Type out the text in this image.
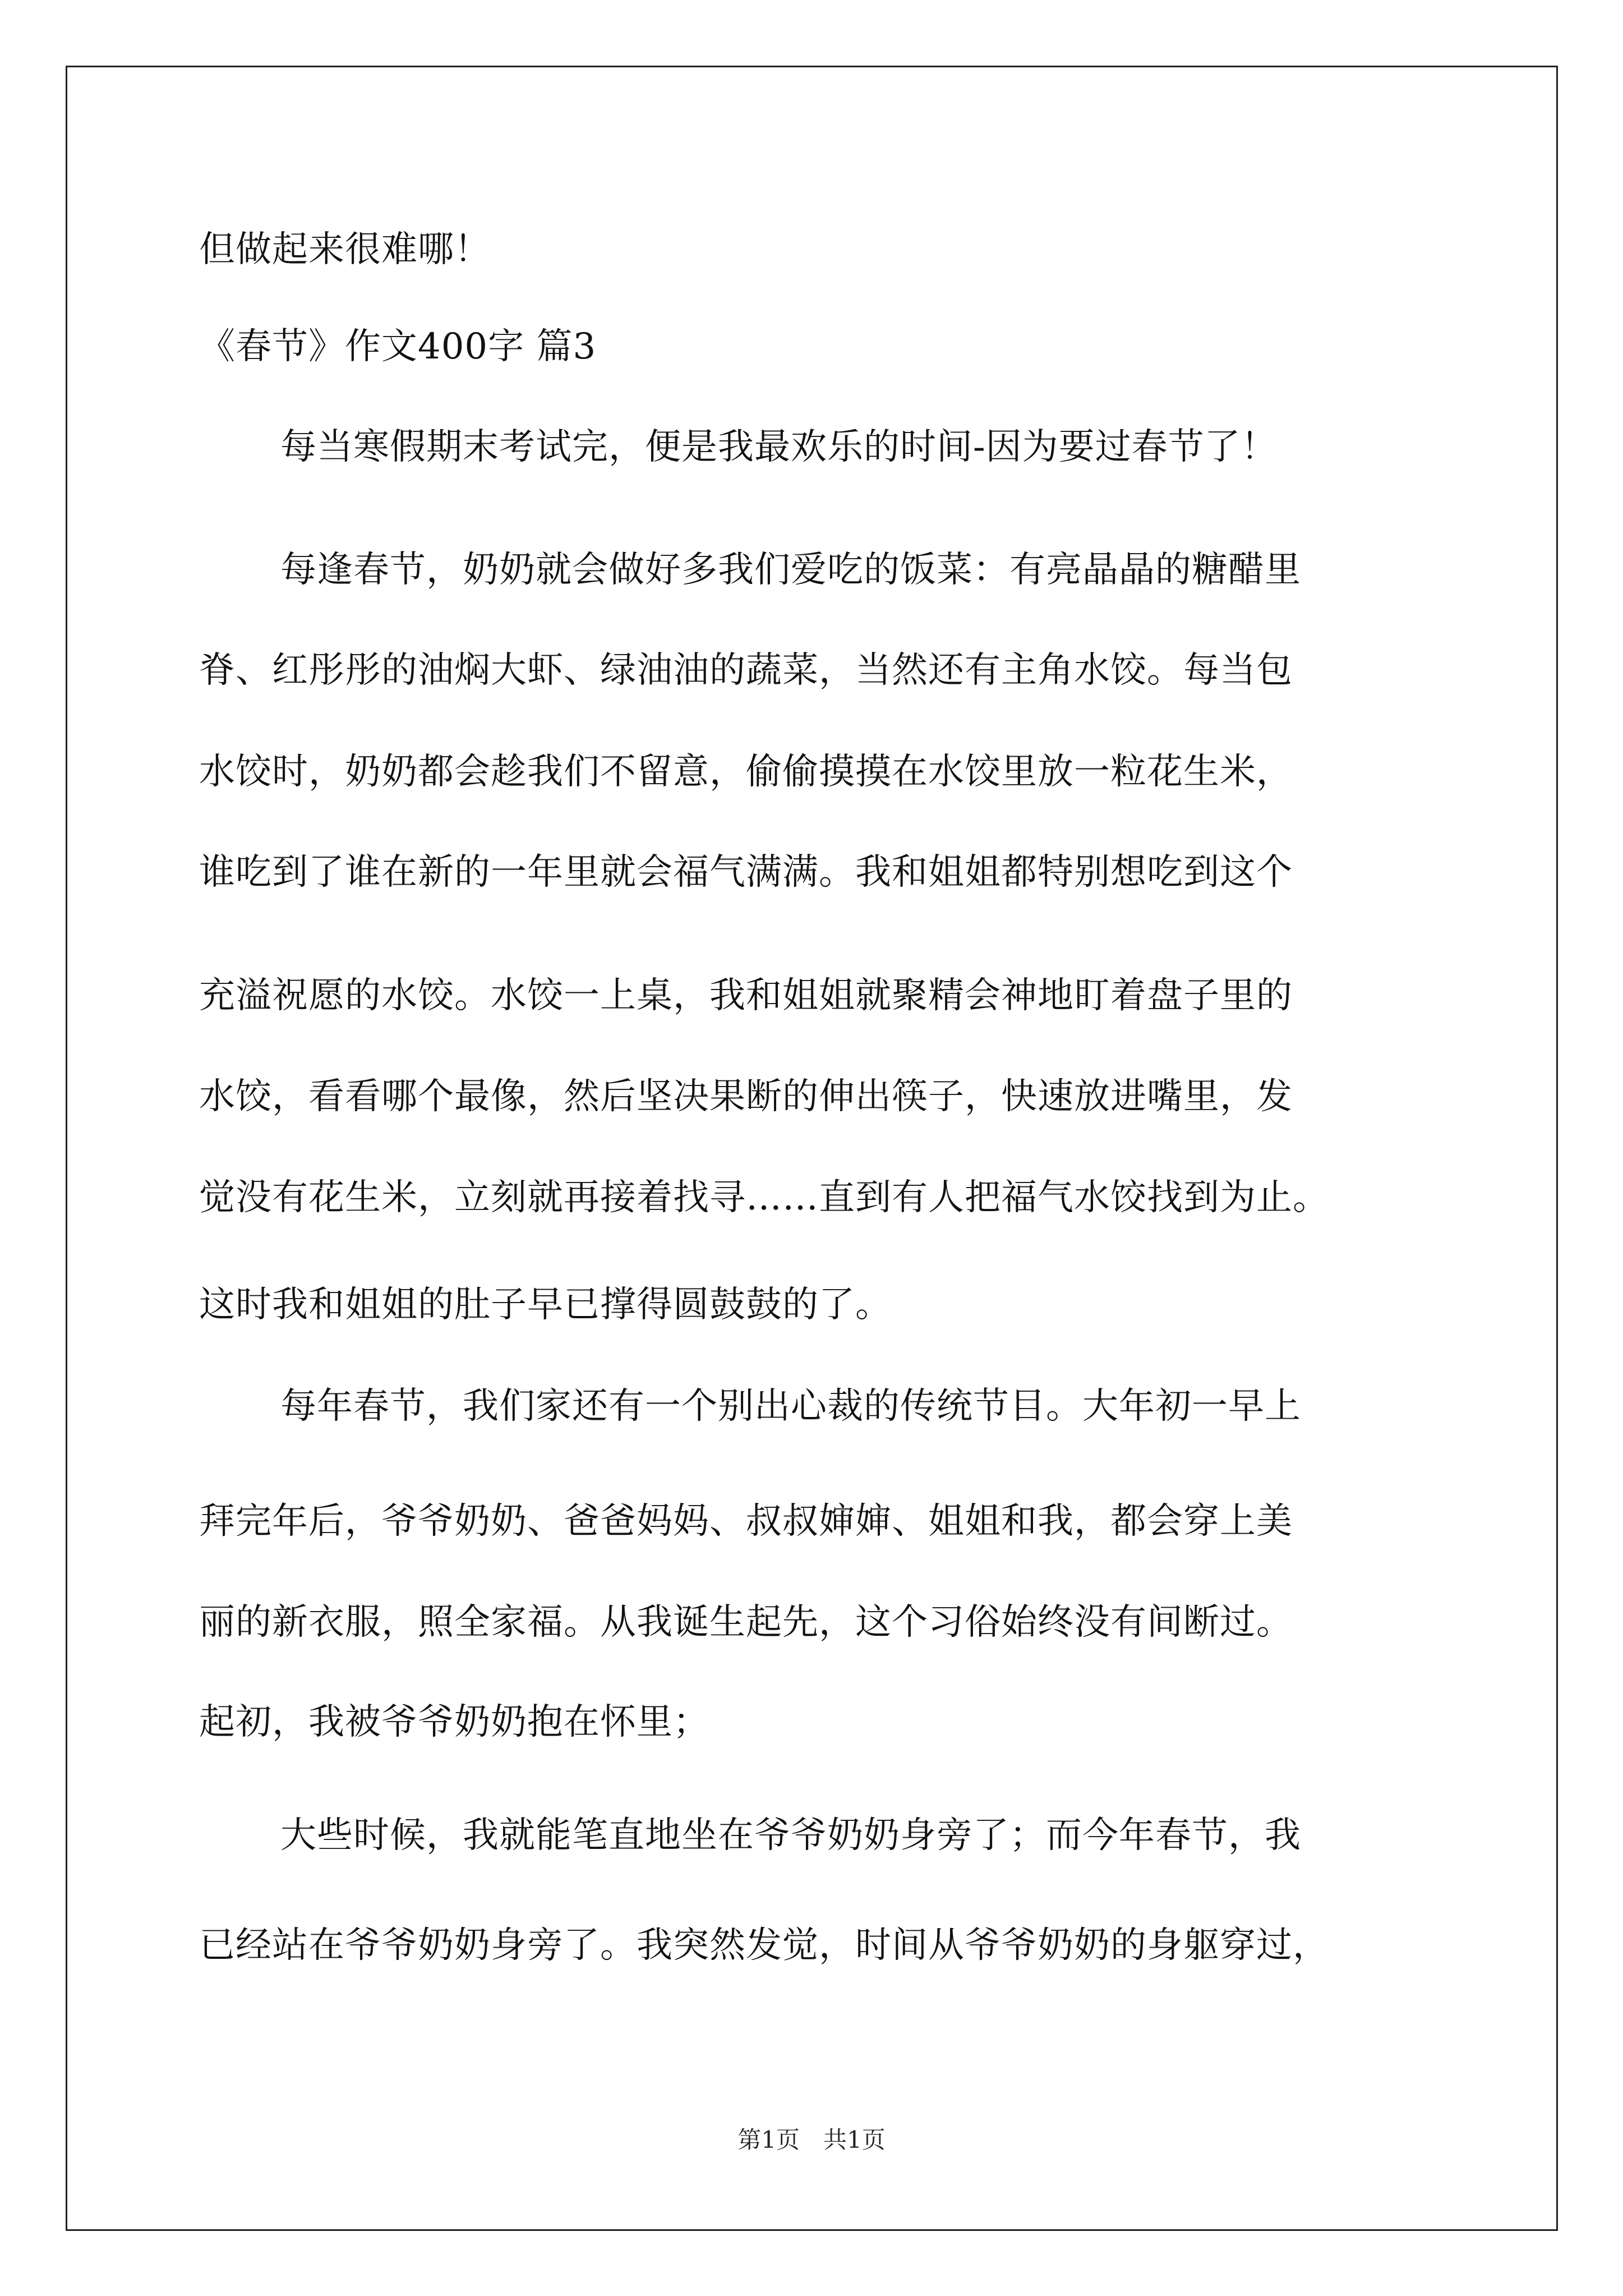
但做起来很难哪！

《春节》作文400字 篇3

每当寒假期末考试完，便是我最欢乐的时间-因为要过春节了！

每逢春节，奶奶就会做好多我们爱吃的饭菜：有亮晶晶的糖醋里

脊、红彤彤的油焖大虾、绿油油的蔬菜，当然还有主角水饺。每当包

水饺时，奶奶都会趁我们不留意，偷偷摸摸在水饺里放一粒花生米，

谁吃到了谁在新的一年里就会福气满满。我和姐姐都特别想吃到这个

充溢祝愿的水饺。水饺一上桌，我和姐姐就聚精会神地盯着盘子里的

水饺，看看哪个最像，然后坚决果断的伸出筷子，快速放进嘴里，发

觉没有花生米，立刻就再接着找寻……直到有人把福气水饺找到为止。

这时我和姐姐的肚子早已撑得圆鼓鼓的了。

每年春节，我们家还有一个别出心裁的传统节目。大年初一早上

拜完年后，爷爷奶奶、爸爸妈妈、叔叔婶婶、姐姐和我，都会穿上美

丽的新衣服，照全家福。从我诞生起先，这个习俗始终没有间断过。

起初，我被爷爷奶奶抱在怀里；

大些时候，我就能笔直地坐在爷爷奶奶身旁了；而今年春节，我

已经站在爷爷奶奶身旁了。我突然发觉，时间从爷爷奶奶的身躯穿过，

第1页　共1页
